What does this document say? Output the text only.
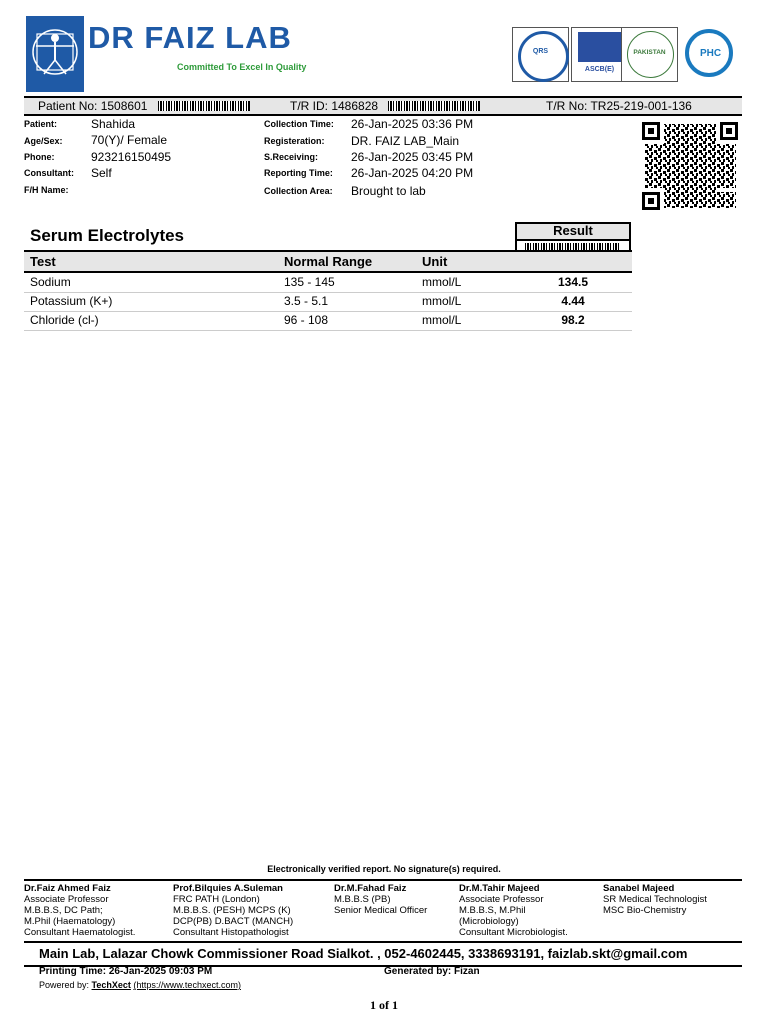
DR FAIZ LAB
Committed To Excel In Quality
QRS
ASCB(E)
PAKISTAN	PHC
Patient No: 1508601	T/R ID: 1486828	T/R No: TR25-219-001-136
Patient:	Shahida
Age/Sex: 70(Y)/ Female
Phone:	923216150495
Consultant: Self
F/H Name:
Collection Time: 26-Jan-2025 03:36 PM
Registeration: DR. FAIZ LAB_Main
S.Receiving:	26-Jan-2025 03:45 PM
Reporting Time: 26-Jan-2025 04:20 PM
Collection Area: Brought to lab
Serum Electrolytes	Result
Test	Normal Range	Unit
Sodium	135 - 145	mmol/L	134.5
Potassium (K+)	3.5 - 5.1	mmol/L	4.44
Chloride (cl-)	96 - 108	mmol/L	98.2
Electronically verified report. No signature(s) required.
Dr.Faiz Ahmed Faiz
Associate Professor
M.B.B.S, DC Path;
M.Phil (Haematology)
Consultant Haematologist.
Prof.Bilquies A.Suleman
FRC PATH (London)
M.B.B.S. (PESH) MCPS (K)
DCP(PB) D.BACT (MANCH)
Consultant Histopathologist
Dr.M.Fahad Faiz
M.B.B.S (PB)
Senior Medical Officer
Dr.M.Tahir Majeed
Associate Professor
M.B.B.S, M.Phil
(Microbiology)
Consultant Microbiologist.
Sanabel Majeed
SR Medical Technologist
MSC Bio-Chemistry
Main Lab, Lalazar Chowk Commissioner Road Sialkot. , 052-4602445, 3338693191, faizlab.skt@gmail.com
Printing Time: 26-Jan-2025 09:03 PM	Generated by: Fizan
Powered by: TechXect (https://www.techxect.com)
1 of 1
